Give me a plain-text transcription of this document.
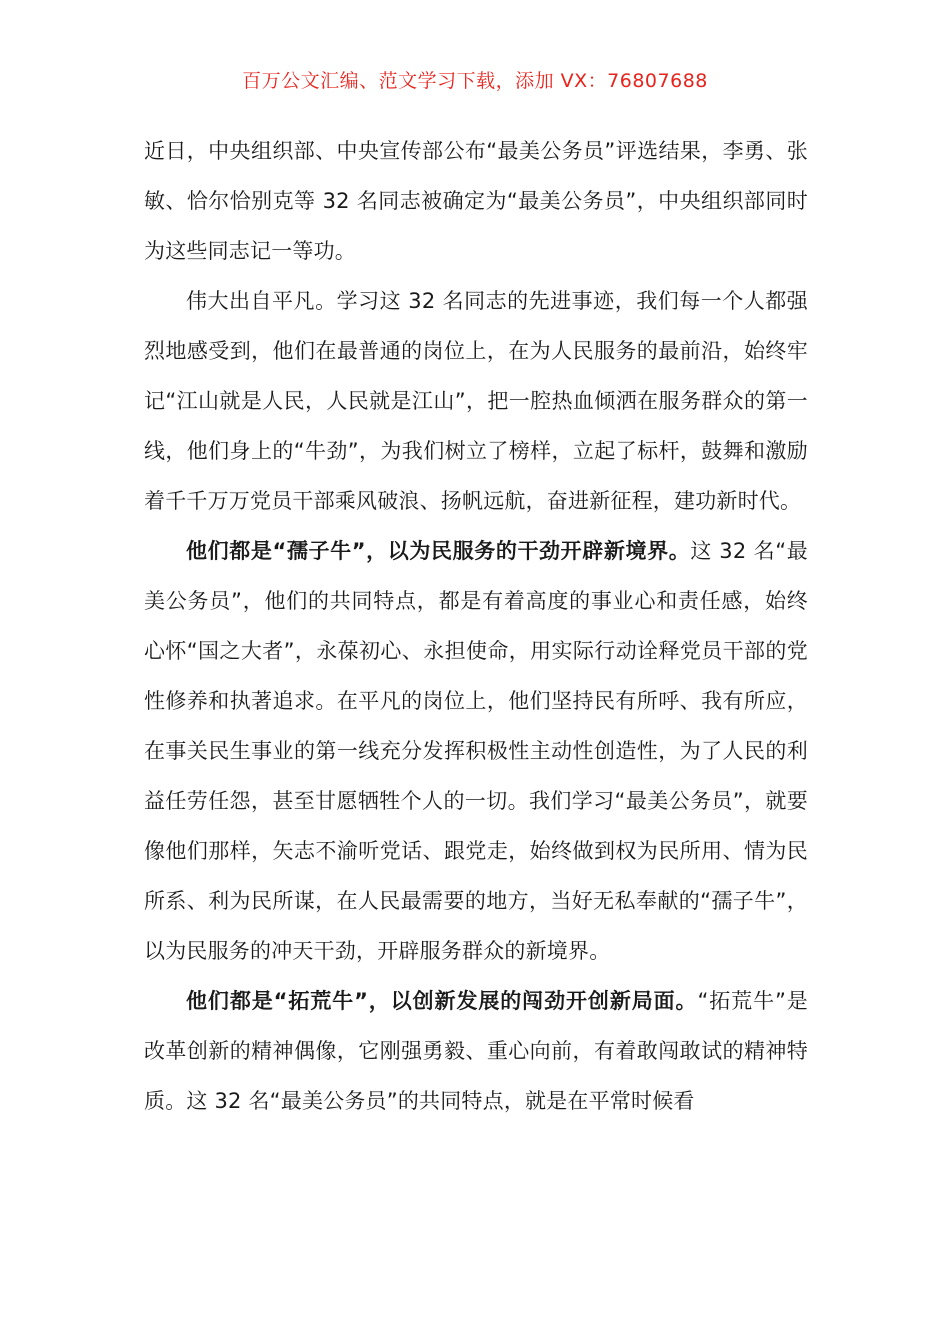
百万公文汇编、范文学习下载，添加 VX：76807688

近日，中央组织部、中央宣传部公布“最美公务员”评选结果，李勇、张敏、恰尔恰别克等 32 名同志被确定为“最美公务员”，中央组织部同时为这些同志记一等功。

伟大出自平凡。学习这 32 名同志的先进事迹，我们每一个人都强烈地感受到，他们在最普通的岗位上，在为人民服务的最前沿，始终牢记“江山就是人民，人民就是江山”，把一腔热血倾洒在服务群众的第一线，他们身上的“牛劲”，为我们树立了榜样，立起了标杆，鼓舞和激励着千千万万党员干部乘风破浪、扬帆远航，奋进新征程，建功新时代。

他们都是“孺子牛”，以为民服务的干劲开辟新境界。这 32 名“最美公务员”，他们的共同特点，都是有着高度的事业心和责任感，始终心怀“国之大者”，永葆初心、永担使命，用实际行动诠释党员干部的党性修养和执著追求。在平凡的岗位上，他们坚持民有所呼、我有所应，在事关民生事业的第一线充分发挥积极性主动性创造性，为了人民的利益任劳任怨，甚至甘愿牺牲个人的一切。我们学习“最美公务员”，就要像他们那样，矢志不渝听党话、跟党走，始终做到权为民所用、情为民所系、利为民所谋，在人民最需要的地方，当好无私奉献的“孺子牛”，以为民服务的冲天干劲，开辟服务群众的新境界。

他们都是“拓荒牛”，以创新发展的闯劲开创新局面。“拓荒牛”是改革创新的精神偶像，它刚强勇毅、重心向前，有着敢闯敢试的精神特质。这 32 名“最美公务员”的共同特点，就是在平常时候看
